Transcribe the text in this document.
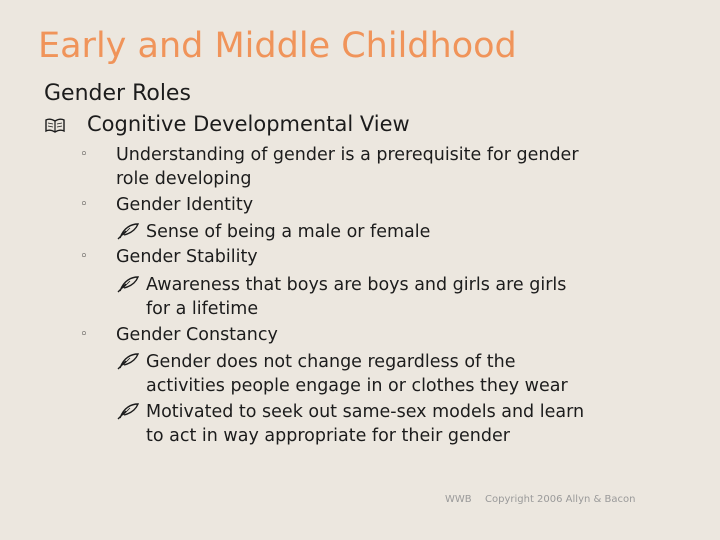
Early and Middle Childhood
Gender Roles
Cognitive Developmental View
◦ Understanding of gender is a prerequisite for gender
role developing
◦ Gender Identity
Sense of being a male or female
◦ Gender Stability
Awareness that boys are boys and girls are girls
for a lifetime
◦ Gender Constancy
Gender does not change regardless of the
activities people engage in or clothes they wear
Motivated to seek out same-sex models and learn
to act in way appropriate for their gender
WWB Copyright 2006 Allyn & Bacon
